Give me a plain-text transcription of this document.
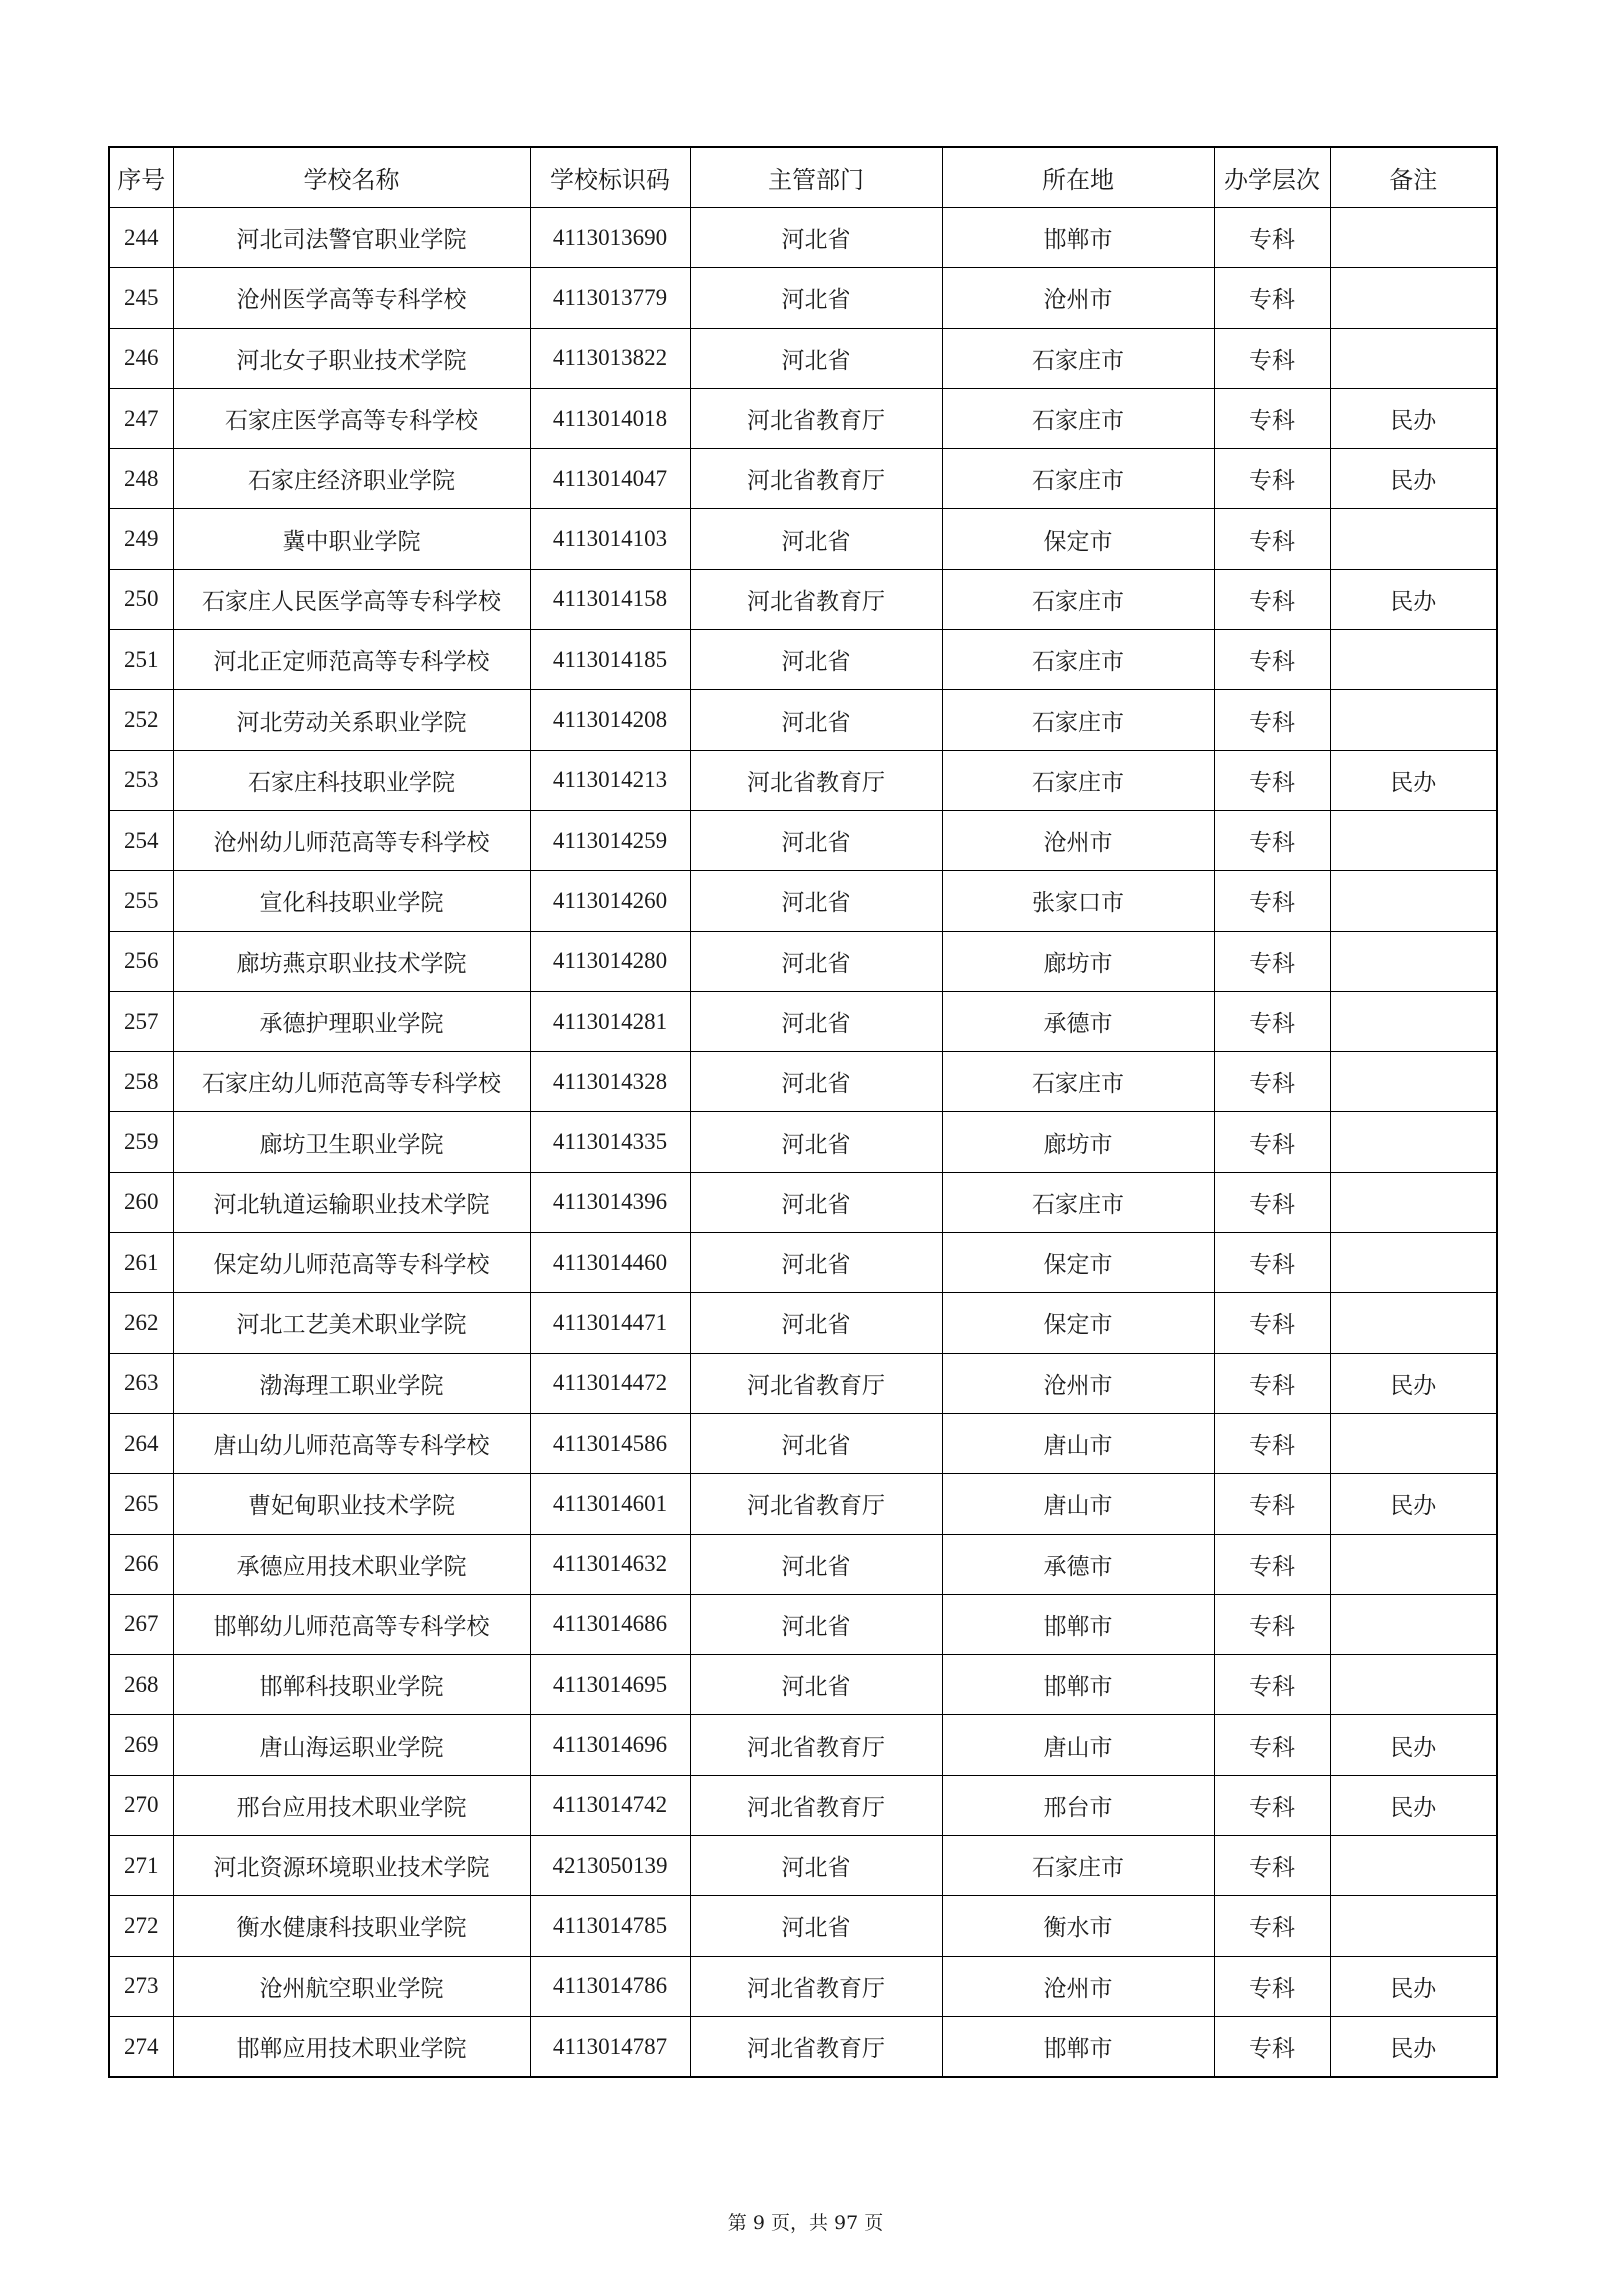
序号	学校名称	学校标识码	主管部门	所在地	办学层次	备注
244	河北司法警官职业学院	4113013690	河北省	邯郸市	专科	
245	沧州医学高等专科学校	4113013779	河北省	沧州市	专科	
246	河北女子职业技术学院	4113013822	河北省	石家庄市	专科	
247	石家庄医学高等专科学校	4113014018	河北省教育厅	石家庄市	专科	民办
248	石家庄经济职业学院	4113014047	河北省教育厅	石家庄市	专科	民办
249	冀中职业学院	4113014103	河北省	保定市	专科	
250	石家庄人民医学高等专科学校	4113014158	河北省教育厅	石家庄市	专科	民办
251	河北正定师范高等专科学校	4113014185	河北省	石家庄市	专科	
252	河北劳动关系职业学院	4113014208	河北省	石家庄市	专科	
253	石家庄科技职业学院	4113014213	河北省教育厅	石家庄市	专科	民办
254	沧州幼儿师范高等专科学校	4113014259	河北省	沧州市	专科	
255	宣化科技职业学院	4113014260	河北省	张家口市	专科	
256	廊坊燕京职业技术学院	4113014280	河北省	廊坊市	专科	
257	承德护理职业学院	4113014281	河北省	承德市	专科	
258	石家庄幼儿师范高等专科学校	4113014328	河北省	石家庄市	专科	
259	廊坊卫生职业学院	4113014335	河北省	廊坊市	专科	
260	河北轨道运输职业技术学院	4113014396	河北省	石家庄市	专科	
261	保定幼儿师范高等专科学校	4113014460	河北省	保定市	专科	
262	河北工艺美术职业学院	4113014471	河北省	保定市	专科	
263	渤海理工职业学院	4113014472	河北省教育厅	沧州市	专科	民办
264	唐山幼儿师范高等专科学校	4113014586	河北省	唐山市	专科	
265	曹妃甸职业技术学院	4113014601	河北省教育厅	唐山市	专科	民办
266	承德应用技术职业学院	4113014632	河北省	承德市	专科	
267	邯郸幼儿师范高等专科学校	4113014686	河北省	邯郸市	专科	
268	邯郸科技职业学院	4113014695	河北省	邯郸市	专科	
269	唐山海运职业学院	4113014696	河北省教育厅	唐山市	专科	民办
270	邢台应用技术职业学院	4113014742	河北省教育厅	邢台市	专科	民办
271	河北资源环境职业技术学院	4213050139	河北省	石家庄市	专科	
272	衡水健康科技职业学院	4113014785	河北省	衡水市	专科	
273	沧州航空职业学院	4113014786	河北省教育厅	沧州市	专科	民办
274	邯郸应用技术职业学院	4113014787	河北省教育厅	邯郸市	专科	民办
第 9 页，共 97 页
